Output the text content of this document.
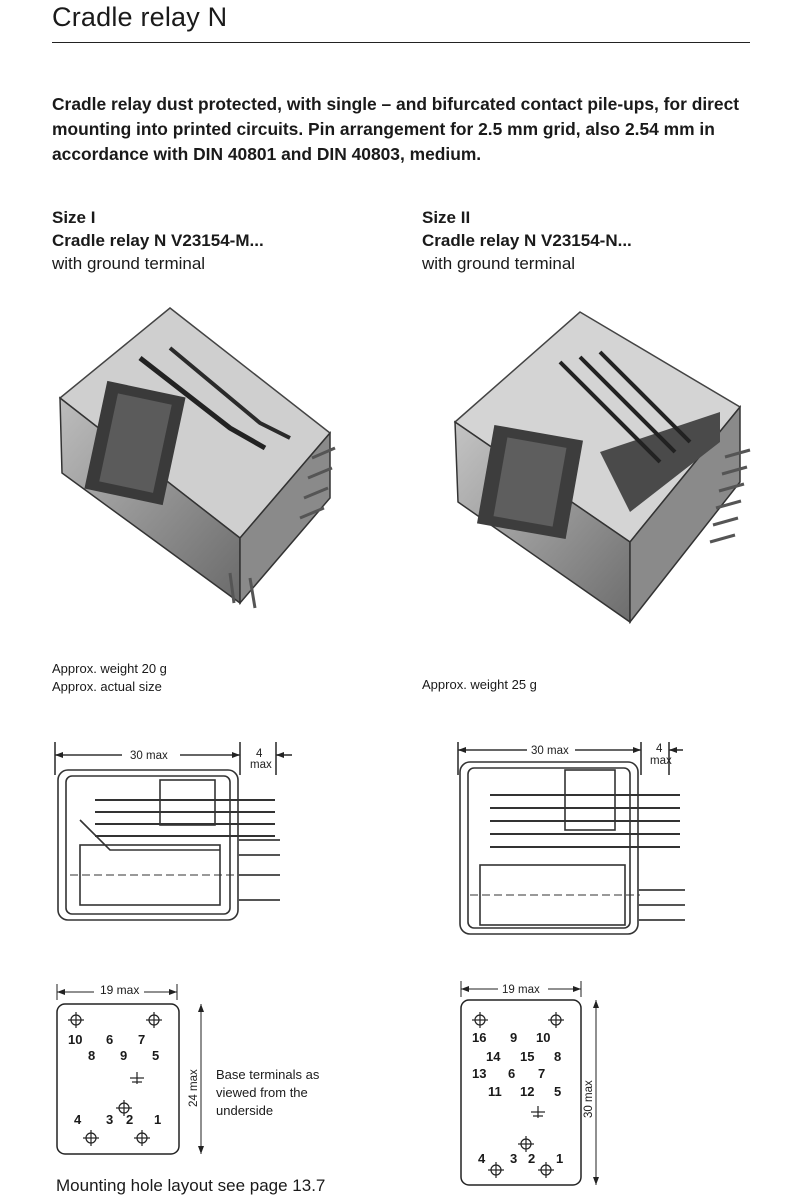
Cradle relay N
Cradle relay dust protected, with single – and bifurcated contact pile-ups, for direct mounting into printed circuits. Pin arrangement for 2.5 mm grid, also 2.54 mm in accordance with DIN 40801 and DIN 40803, medium.
Size I
Cradle relay N V23154-M...
with ground terminal
Size II
Cradle relay N V23154-N...
with ground terminal
Approx. weight 20 g
Approx. actual size	Approx. weight 25 g
30 max	4
max
30 max	4
max
19 max
10 6 7
8 9 5
4 3 2 1
24 max Base terminals as viewed from the underside
19 max
16 9 10
14 15 8
13 6 7
11 12 5
4 3 2 1
30 max
Mounting hole layout see page 13.7
